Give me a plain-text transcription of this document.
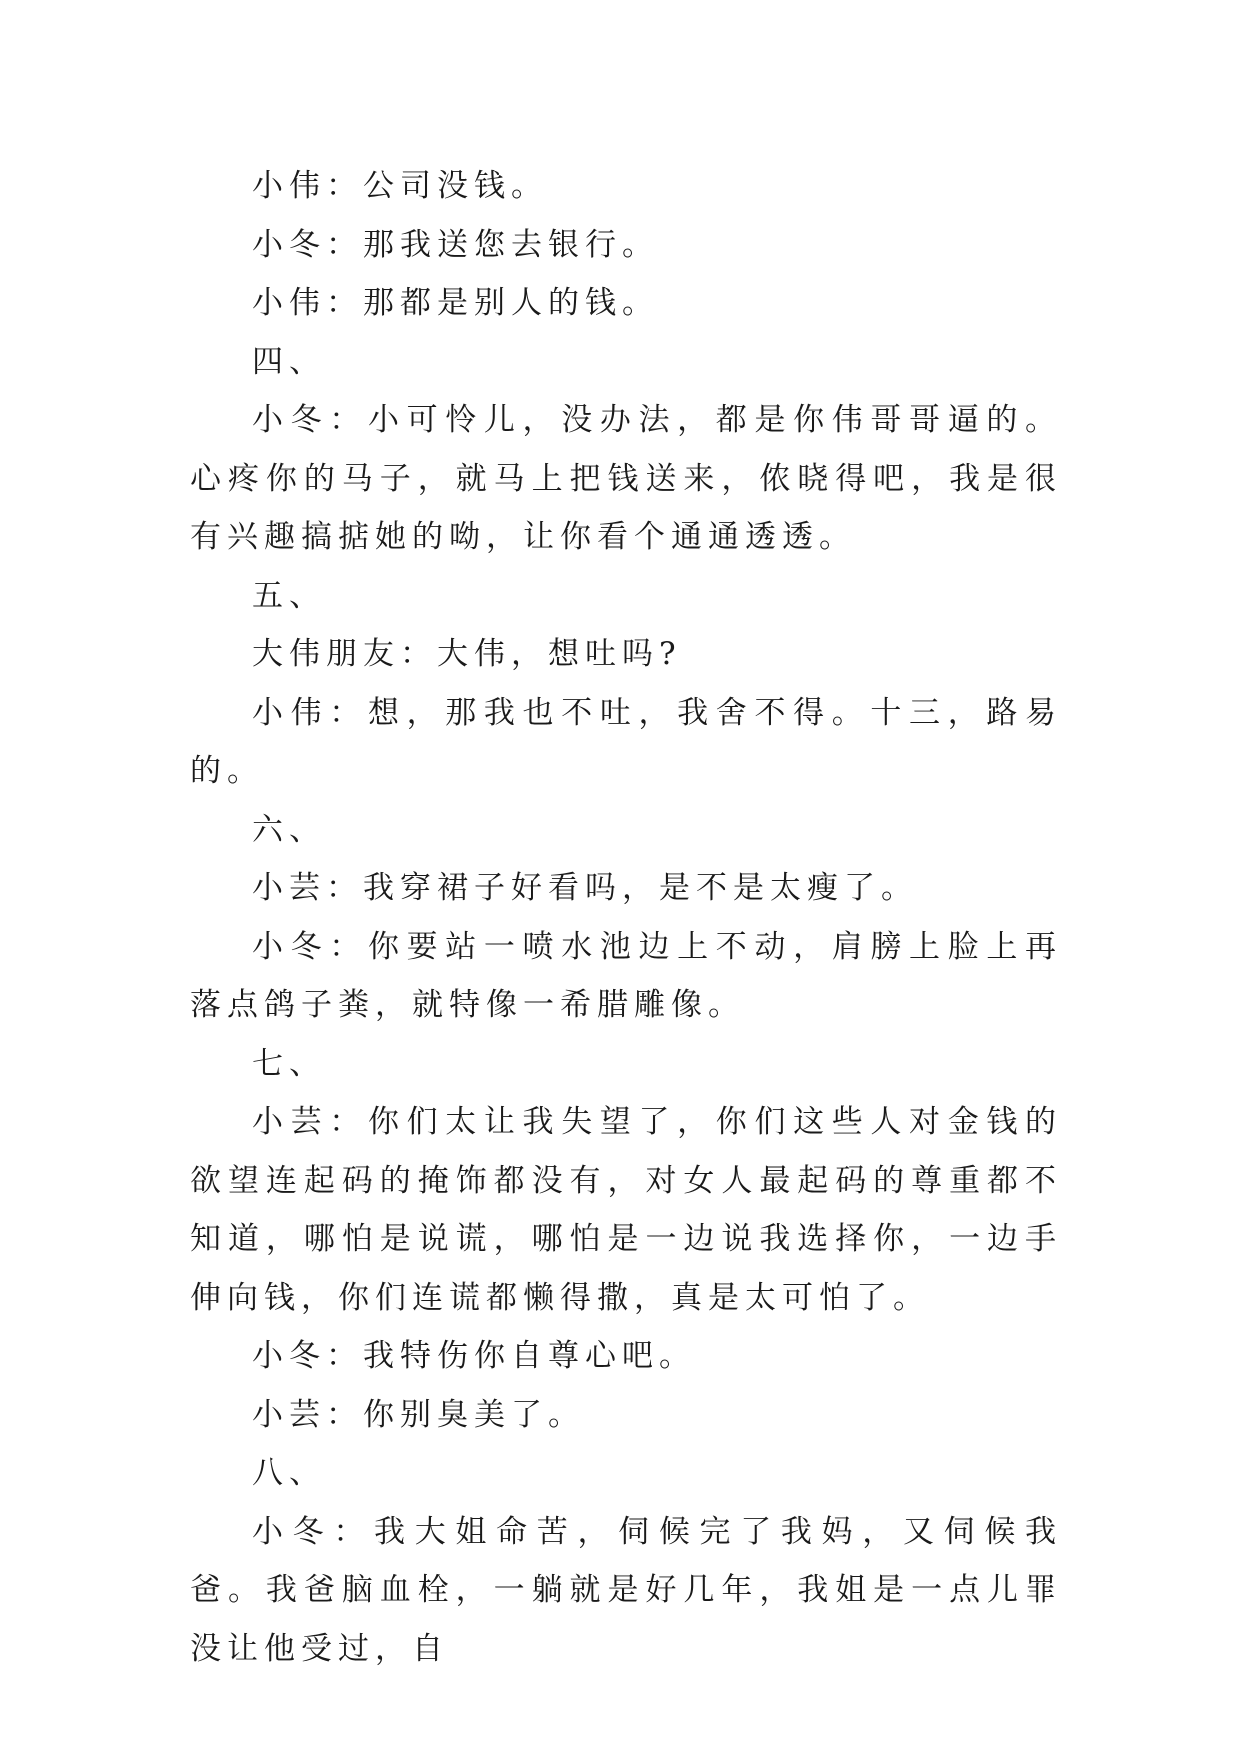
小伟：公司没钱。

小冬：那我送您去银行。

小伟：那都是别人的钱。

四、

小冬：小可怜儿，没办法，都是你伟哥哥逼的。心疼你的马子，就马上把钱送来，侬晓得吧，我是很有兴趣搞掂她的呦，让你看个通通透透。

五、

大伟朋友：大伟，想吐吗?

小伟：想，那我也不吐，我舍不得。十三，路易的。

六、

小芸：我穿裙子好看吗，是不是太瘦了。

小冬：你要站一喷水池边上不动，肩膀上脸上再落点鸽子粪，就特像一希腊雕像。

七、

小芸：你们太让我失望了，你们这些人对金钱的欲望连起码的掩饰都没有，对女人最起码的尊重都不知道，哪怕是说谎，哪怕是一边说我选择你，一边手伸向钱，你们连谎都懒得撒，真是太可怕了。

小冬：我特伤你自尊心吧。

小芸：你别臭美了。

八、

小冬：我大姐命苦，伺候完了我妈，又伺候我爸。我爸脑血栓，一躺就是好几年，我姐是一点儿罪没让他受过，自
